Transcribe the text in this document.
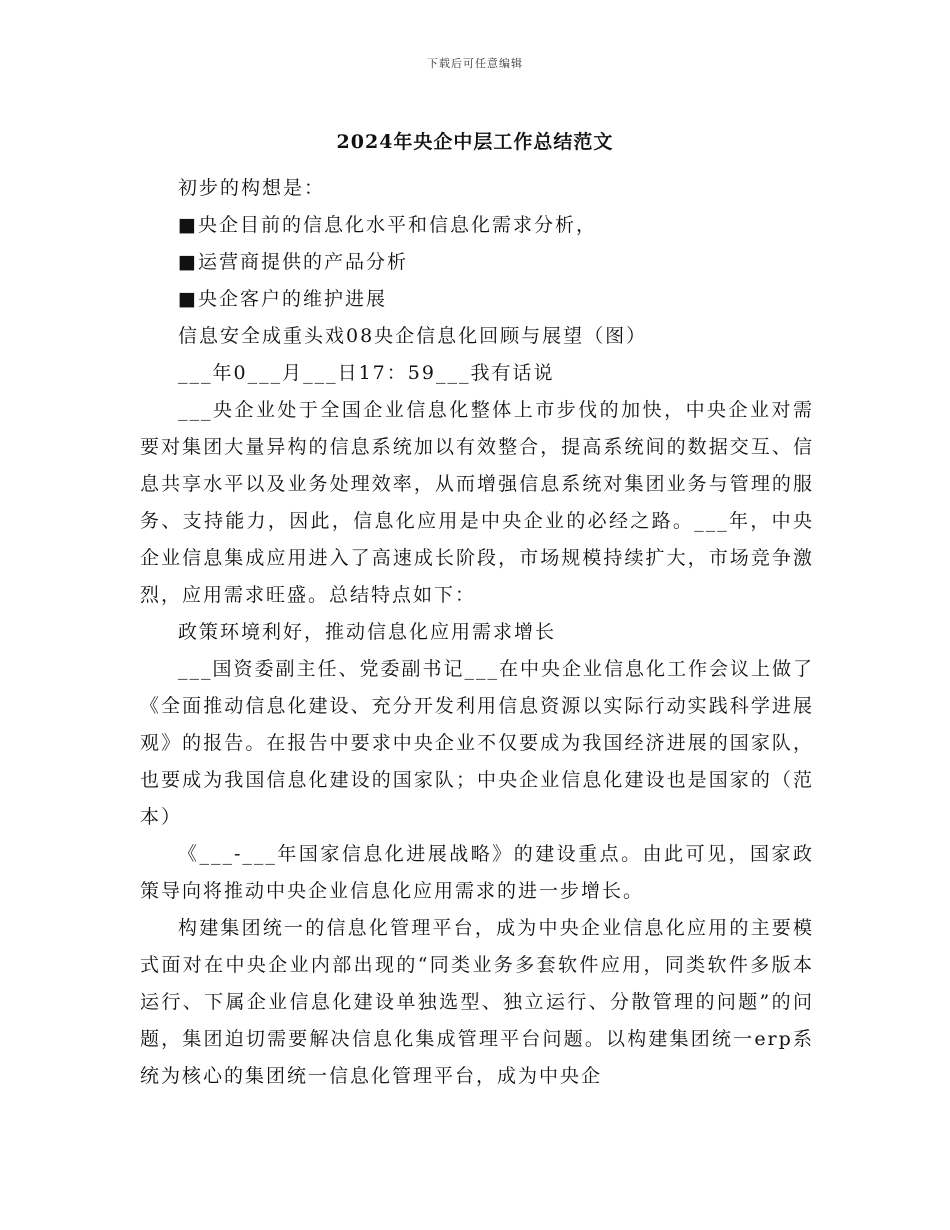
下载后可任意编辑
2024年央企中层工作总结范文

初步的构想是：

■央企目前的信息化水平和信息化需求分析，

■运营商提供的产品分析

■央企客户的维护进展

信息安全成重头戏08央企信息化回顾与展望（图）

___年0___月___日17：59___我有话说

___央企业处于全国企业信息化整体上市步伐的加快，中央企业对需要对集团大量异构的信息系统加以有效整合，提高系统间的数据交互、信息共享水平以及业务处理效率，从而增强信息系统对集团业务与管理的服务、支持能力，因此，信息化应用是中央企业的必经之路。___年，中央企业信息集成应用进入了高速成长阶段，市场规模持续扩大，市场竞争激烈，应用需求旺盛。总结特点如下：

政策环境利好，推动信息化应用需求增长

___国资委副主任、党委副书记___在中央企业信息化工作会议上做了《全面推动信息化建设、充分开发利用信息资源以实际行动实践科学进展观》的报告。在报告中要求中央企业不仅要成为我国经济进展的国家队，也要成为我国信息化建设的国家队；中央企业信息化建设也是国家的（范本）

《___-___年国家信息化进展战略》的建设重点。由此可见，国家政策导向将推动中央企业信息化应用需求的进一步增长。

构建集团统一的信息化管理平台，成为中央企业信息化应用的主要模式面对在中央企业内部出现的“同类业务多套软件应用，同类软件多版本运行、下属企业信息化建设单独选型、独立运行、分散管理的问题”的问题，集团迫切需要解决信息化集成管理平台问题。以构建集团统一erp系统为核心的集团统一信息化管理平台，成为中央企
